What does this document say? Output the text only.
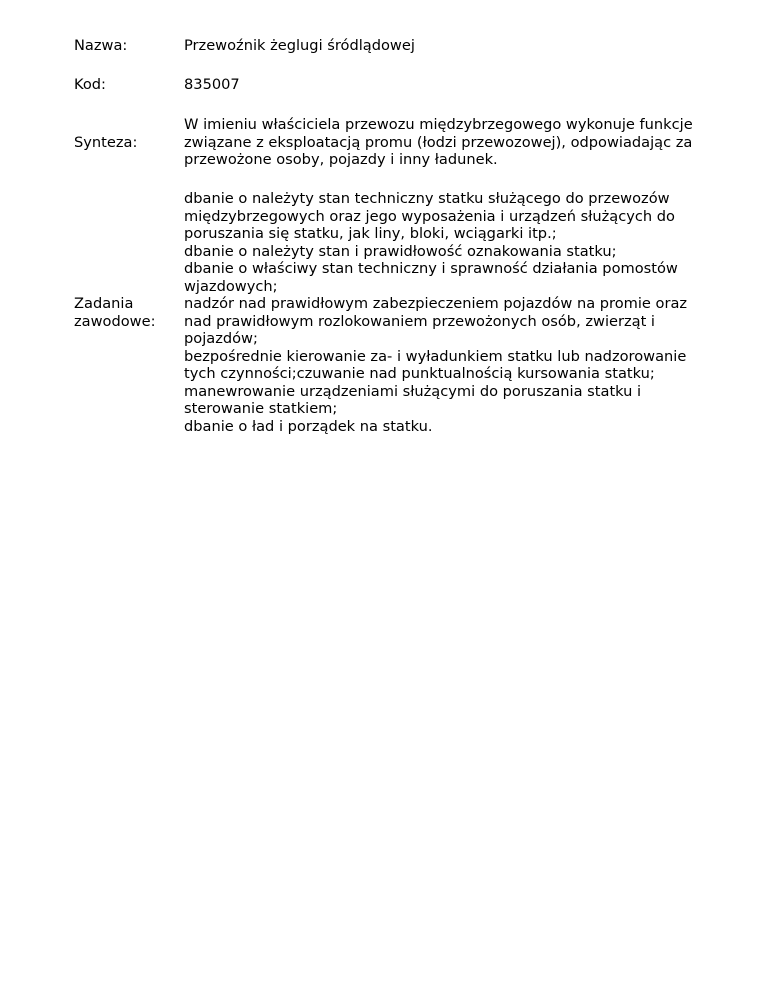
Nazwa:	Przewoźnik żeglugi śródlądowej
Kod:	835007
Synteza:
W imieniu właściciela przewozu międzybrzegowego wykonuje funkcje związane z eksploatacją promu (łodzi przewozowej), odpowiadając za przewożone osoby, pojazdy i inny ładunek.
Zadania zawodowe:
dbanie o należyty stan techniczny statku służącego do przewozów międzybrzegowych oraz jego wyposażenia i urządzeń służących do poruszania się statku, jak liny, bloki, wciągarki itp.;
dbanie o należyty stan i prawidłowość oznakowania statku;
dbanie o właściwy stan techniczny i sprawność działania pomostów wjazdowych;
nadzór nad prawidłowym zabezpieczeniem pojazdów na promie oraz nad prawidłowym rozlokowaniem przewożonych osób, zwierząt i pojazdów;
bezpośrednie kierowanie za- i wyładunkiem statku lub nadzorowanie tych czynności;czuwanie nad punktualnością kursowania statku;
manewrowanie urządzeniami służącymi do poruszania statku i sterowanie statkiem;
dbanie o ład i porządek na statku.
